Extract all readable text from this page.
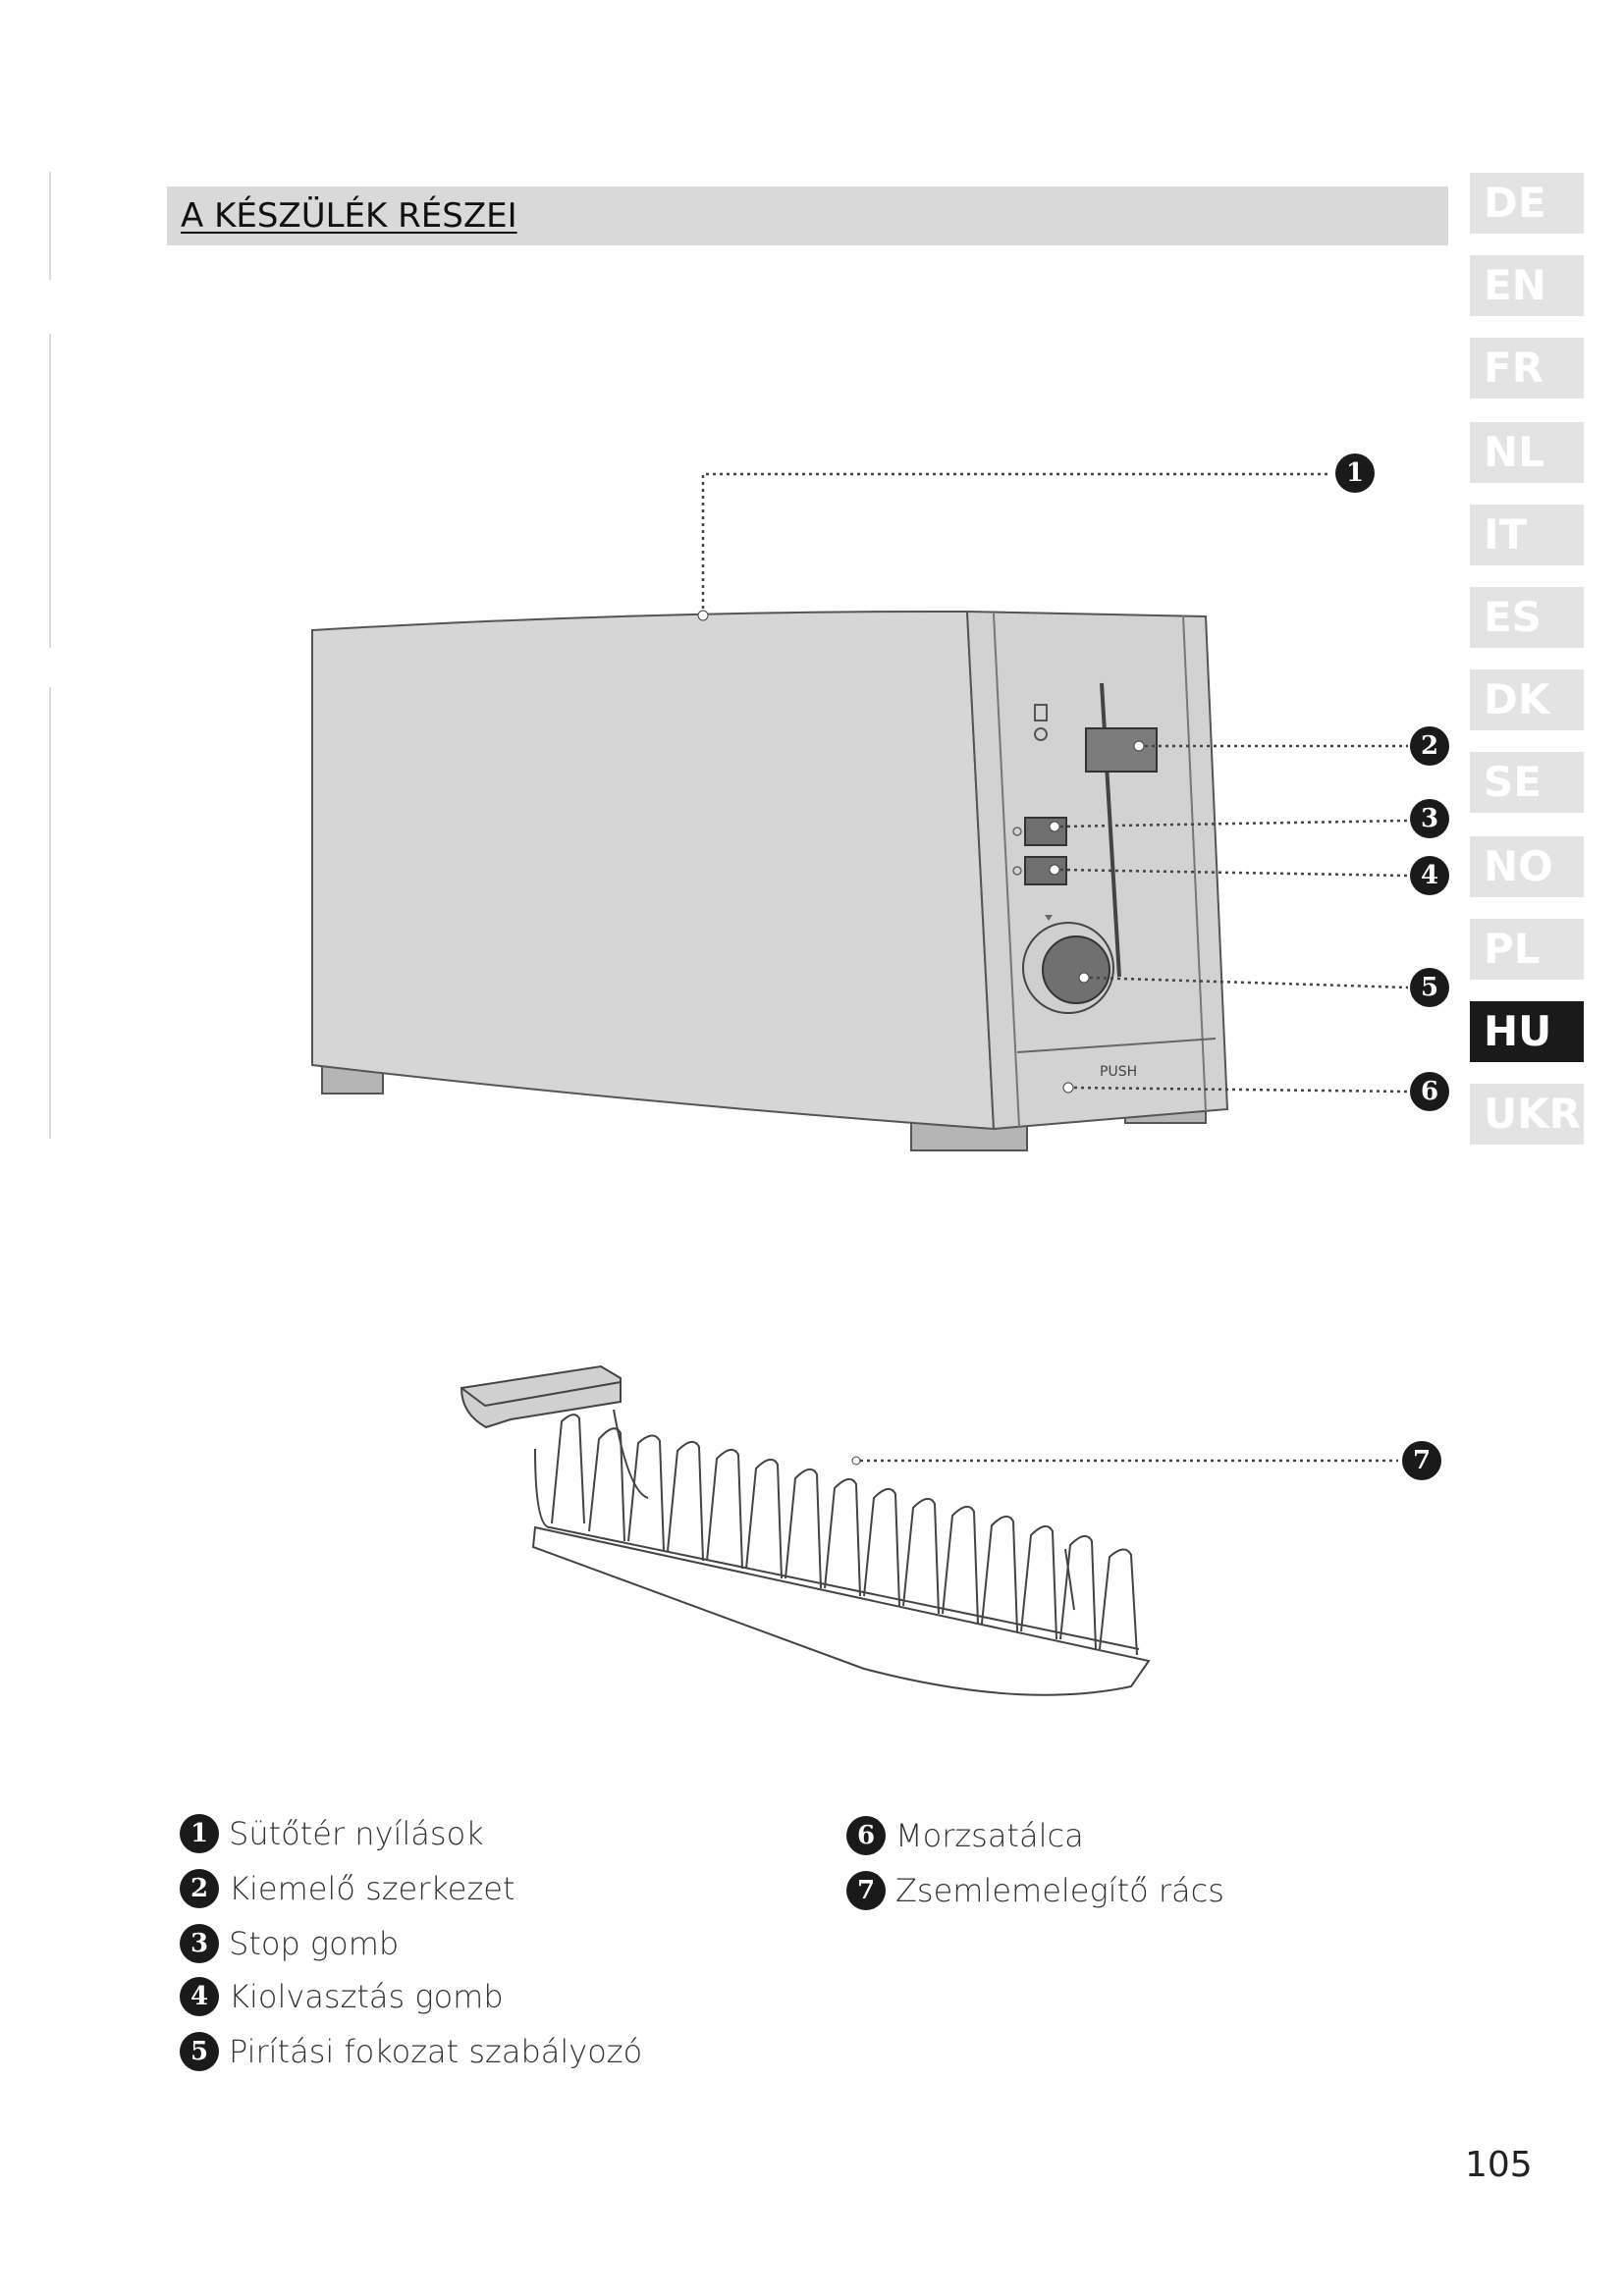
A KÉSZÜLÉK RÉSZEI	DE
EN
FR
NL
IT
ES
DK
SE
NO
PL
HU
UKR
PUSH
1
2
3
4
5
6
7
1 Sütőtér nyílások
2 Kiemelő szerkezet
3 Stop gomb
4 Kiolvasztás gomb
5 Pirítási fokozat szabályozó
6 Morzsatálca
7 Zsemlemelegítő rács
105
